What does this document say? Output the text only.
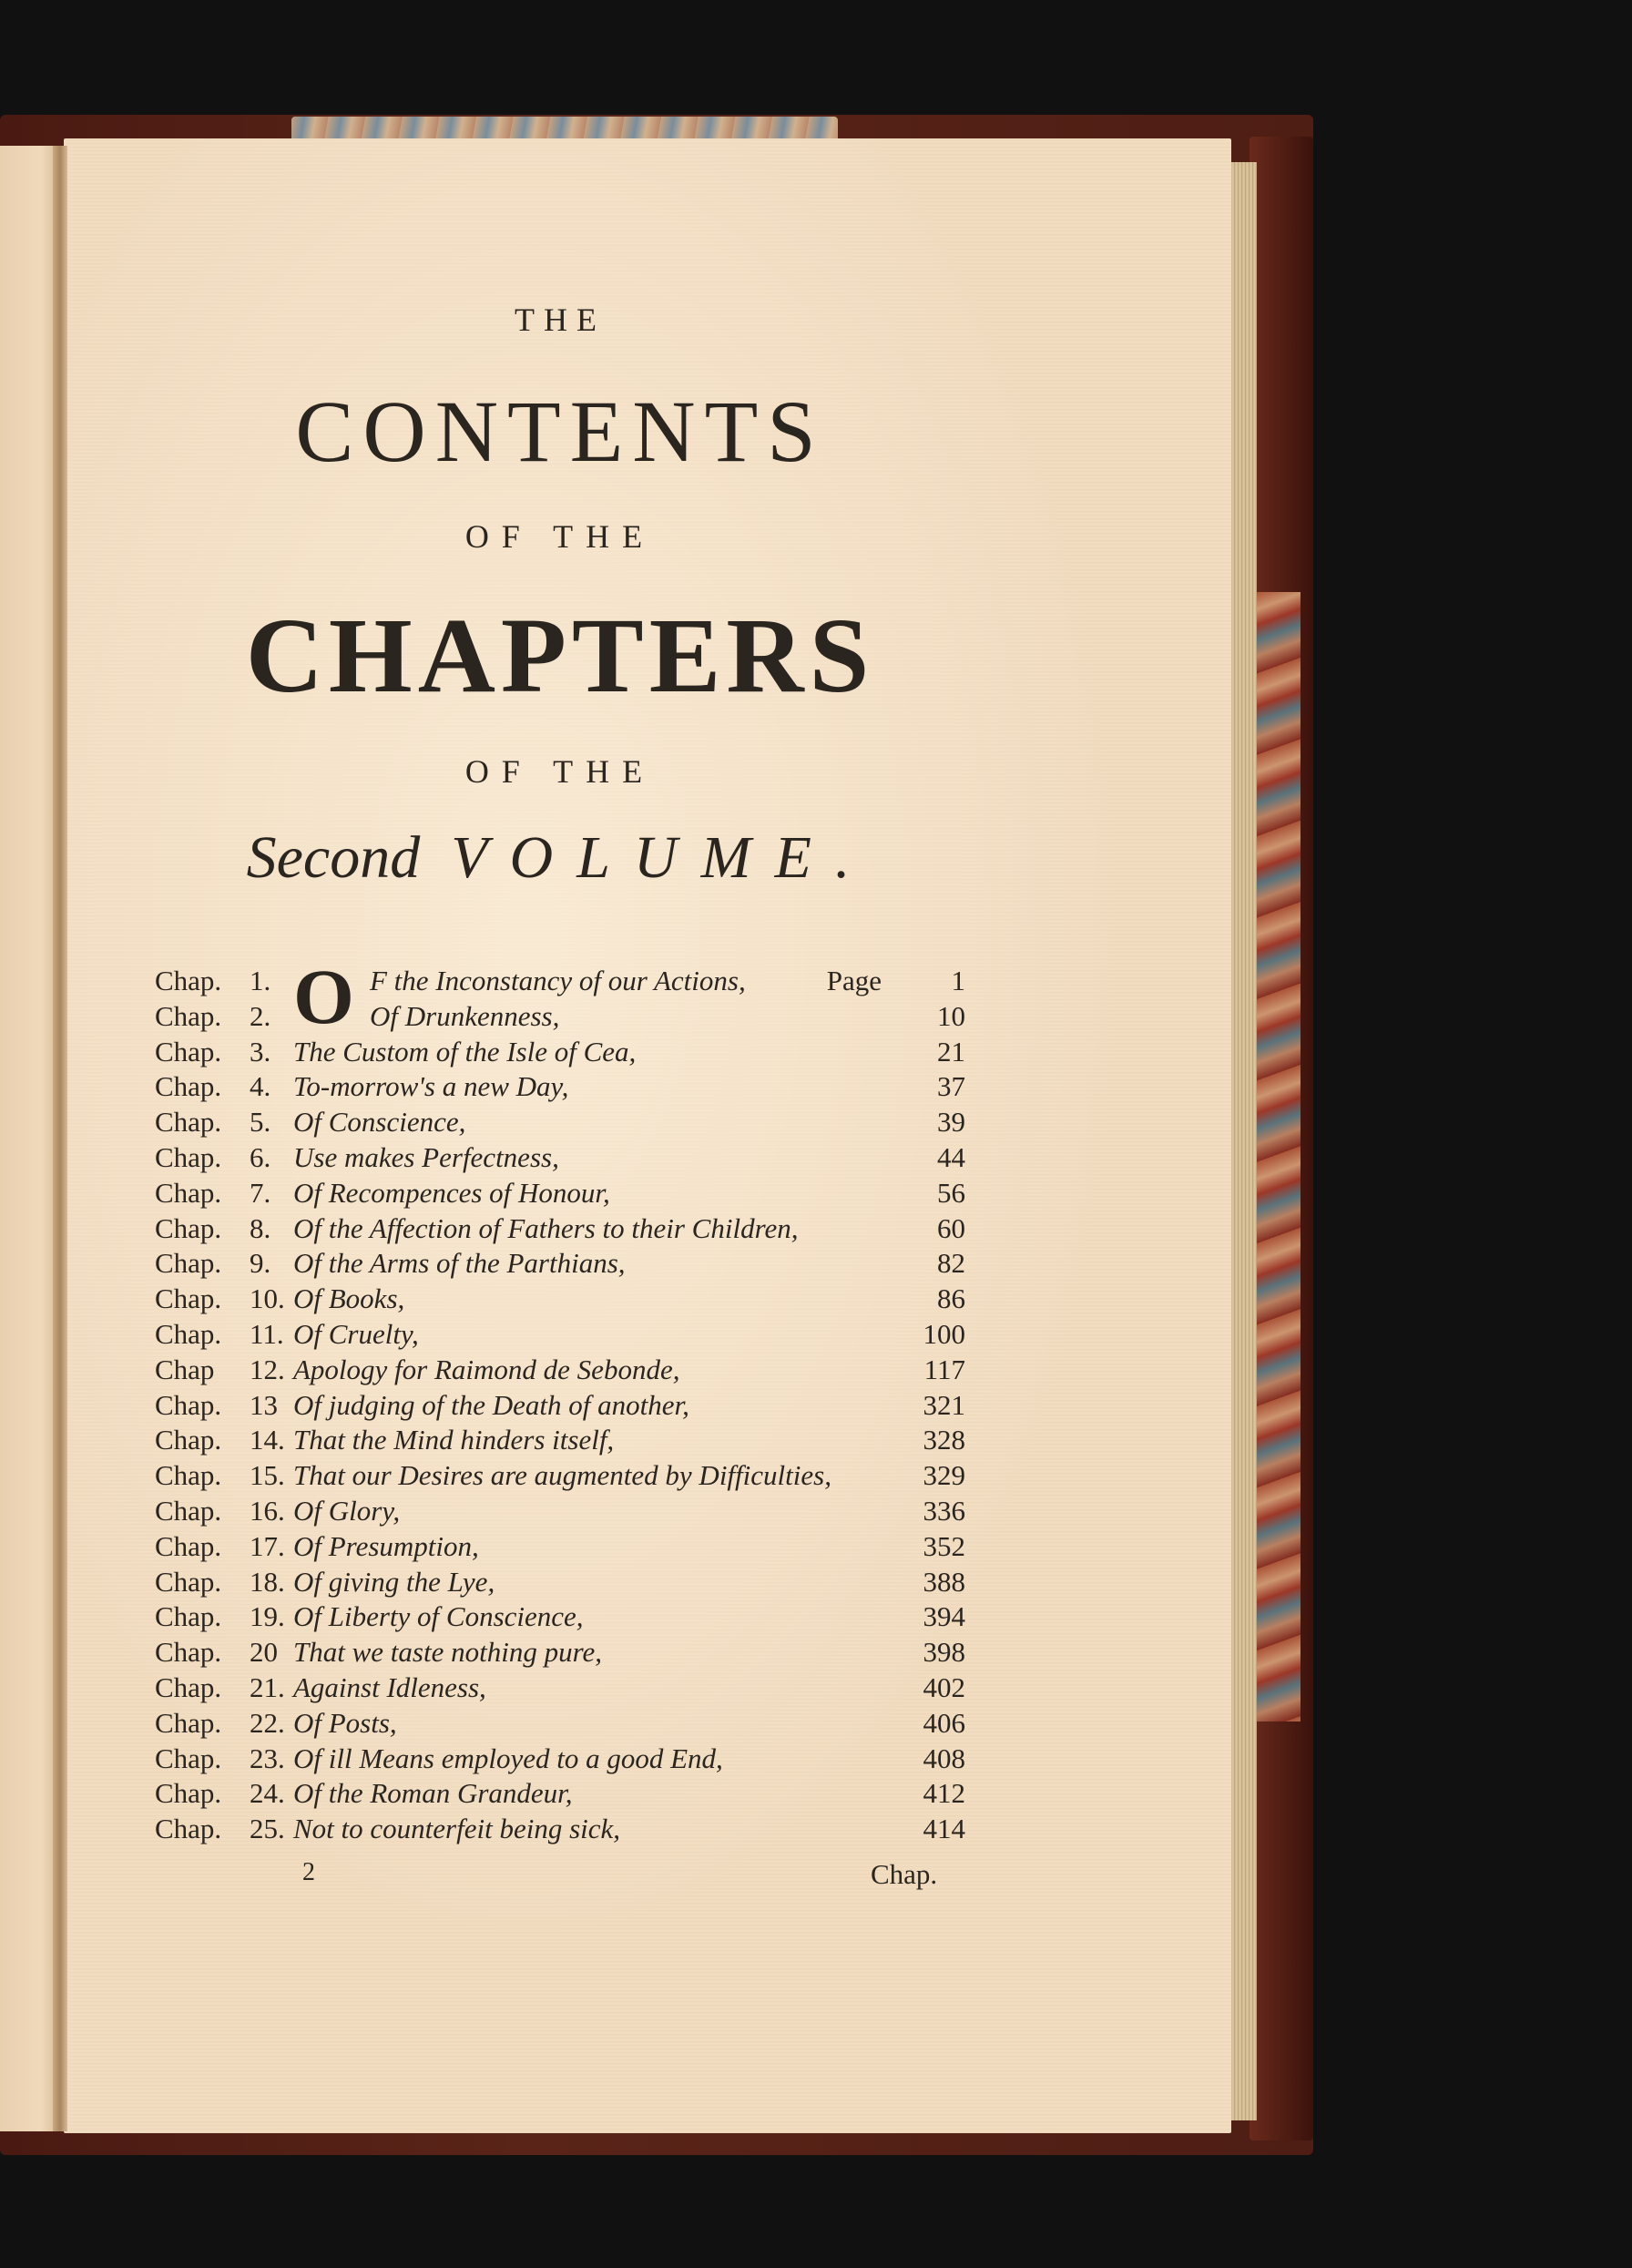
THE
CONTENTS
OF THE
CHAPTERS
OF THE
Second VOLUME.
Chap. 1. O F the Inconstancy of our Actions,	Page 1
Chap. 2.	Of Drunkenness,	10
Chap. 3. The Custom of the Isle of Cea,	21
Chap. 4. To-morrow's a new Day,	37
Chap. 5. Of Conscience,	39
Chap. 6. Use makes Perfectness,	44
Chap. 7. Of Recompences of Honour,	56
Chap. 8. Of the Affection of Fathers to their Children,	60
Chap. 9. Of the Arms of the Parthians,	82
Chap. 10. Of Books,	86
Chap. 11. Of Cruelty,	100
Chap 12. Apology for Raimond de Sebonde,	117
Chap. 13 Of judging of the Death of another,	321
Chap. 14. That the Mind hinders itself,	328
Chap. 15. That our Desires are augmented by Difficulties,	329
Chap. 16. Of Glory,	336
Chap. 17. Of Presumption,	352
Chap. 18. Of giving the Lye,	388
Chap. 19. Of Liberty of Conscience,	394
Chap. 20 That we taste nothing pure,	398
Chap. 21. Against Idleness,	402
Chap. 22. Of Posts,	406
Chap. 23. Of ill Means employed to a good End,	408
Chap. 24. Of the Roman Grandeur,	412
Chap. 25. Not to counterfeit being sick,	414
2	Chap.
